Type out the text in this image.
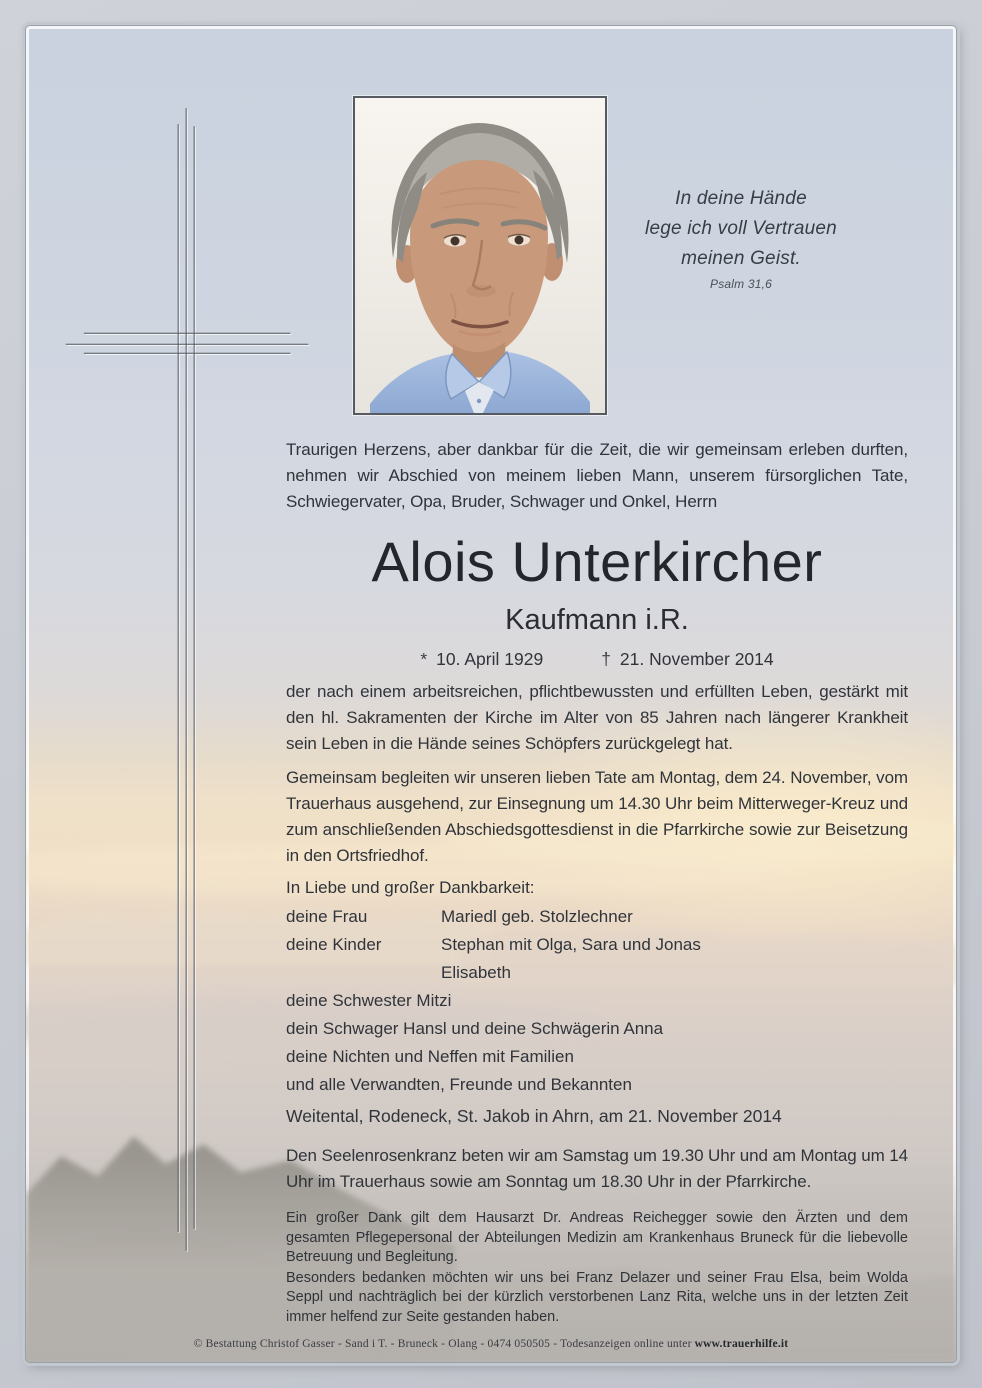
In deine Hände
lege ich voll Vertrauen
meinen Geist.
Psalm 31,6
Traurigen Herzens, aber dankbar für die Zeit, die wir gemeinsam erleben durften, nehmen wir Abschied von meinem lieben Mann, unserem fürsorglichen Tate, Schwiegervater, Opa, Bruder, Schwager und Onkel, Herrn
Alois Unterkircher
Kaufmann i.R.
* 10. April 1929	† 21. November 2014
der nach einem arbeitsreichen, pflichtbewussten und erfüllten Leben, gestärkt mit den hl. Sakramenten der Kirche im Alter von 85 Jahren nach längerer Krankheit sein Leben in die Hände seines Schöpfers zurückgelegt hat.
Gemeinsam begleiten wir unseren lieben Tate am Montag, dem 24. November, vom Trauerhaus ausgehend, zur Einsegnung um 14.30 Uhr beim Mitterweger-Kreuz und zum anschließenden Abschiedsgottesdienst in die Pfarrkirche sowie zur Beisetzung in den Ortsfriedhof.
In Liebe und großer Dankbarkeit:
deine Frau	Mariedl geb. Stolzlechner
deine Kinder	Stephan mit Olga, Sara und Jonas
Elisabeth
deine Schwester Mitzi
dein Schwager Hansl und deine Schwägerin Anna
deine Nichten und Neffen mit Familien
und alle Verwandten, Freunde und Bekannten
Weitental, Rodeneck, St. Jakob in Ahrn, am 21. November 2014
Den Seelenrosenkranz beten wir am Samstag um 19.30 Uhr und am Montag um 14 Uhr im Trauerhaus sowie am Sonntag um 18.30 Uhr in der Pfarrkirche.

Ein großer Dank gilt dem Hausarzt Dr. Andreas Reichegger sowie den Ärzten und dem gesamten Pflegepersonal der Abteilungen Medizin am Krankenhaus Bruneck für die liebevolle Betreuung und Begleitung.

Besonders bedanken möchten wir uns bei Franz Delazer und seiner Frau Elsa, beim Wolda Seppl und nachträglich bei der kürzlich verstorbenen Lanz Rita, welche uns in der letzten Zeit immer helfend zur Seite gestanden haben.

© Bestattung Christof Gasser - Sand i T. - Bruneck - Olang - 0474 050505 - Todesanzeigen online unter www.trauerhilfe.it
